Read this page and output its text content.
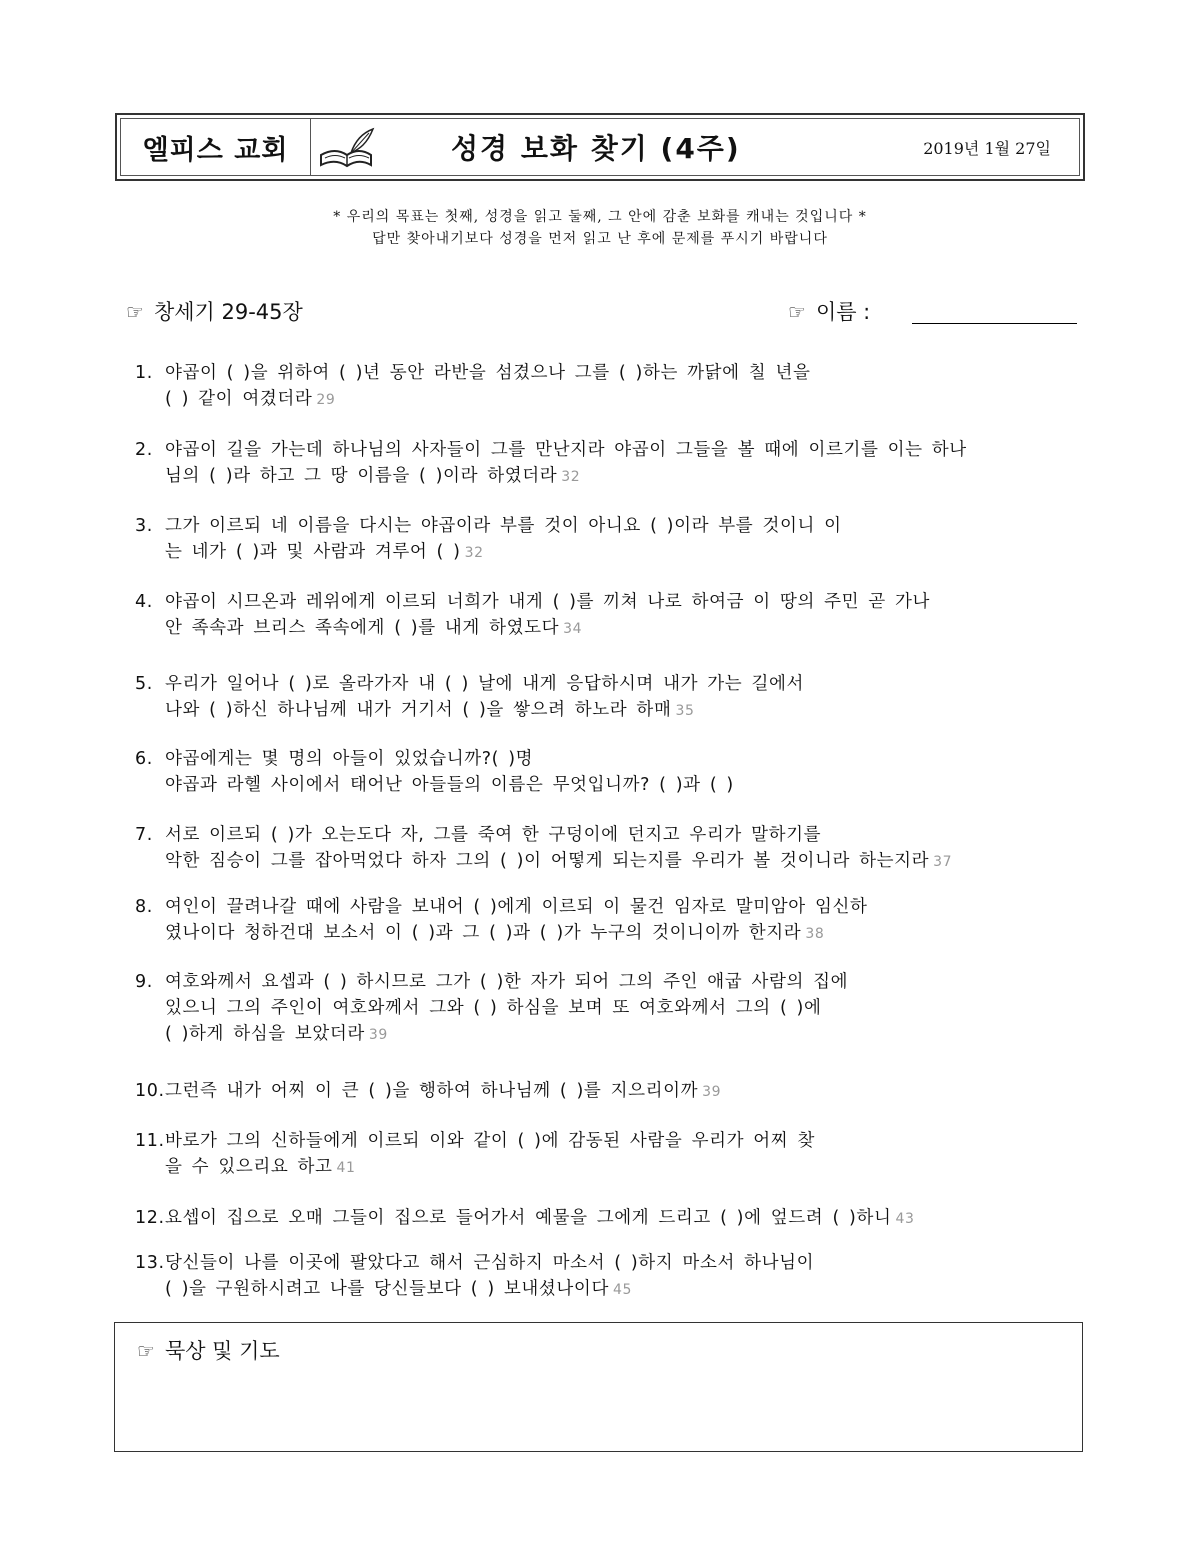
엘피스 교회	성경 보화 찾기 (4주)	2019년 1월 27일
* 우리의 목표는 첫째, 성경을 읽고 둘째, 그 안에 감춘 보화를 캐내는 것입니다 *
답만 찾아내기보다 성경을 먼저 읽고 난 후에 문제를 푸시기 바랍니다
☞ 창세기 29-45장	☞ 이름 :
1. 야곱이 ( )을 위하여 ( )년 동안 라반을 섬겼으나 그를 ( )하는 까닭에 칠 년을
( ) 같이 여겼더라 29
2. 야곱이 길을 가는데 하나님의 사자들이 그를 만난지라 야곱이 그들을 볼 때에 이르기를 이는 하나
님의 ( )라 하고 그 땅 이름을 ( )이라 하였더라 32
3. 그가 이르되 네 이름을 다시는 야곱이라 부를 것이 아니요 ( )이라 부를 것이니 이
는 네가 ( )과 및 사람과 겨루어 ( ) 32
4. 야곱이 시므온과 레위에게 이르되 너희가 내게 ( )를 끼쳐 나로 하여금 이 땅의 주민 곧 가나
안 족속과 브리스 족속에게 ( )를 내게 하였도다 34
5. 우리가 일어나 ( )로 올라가자 내 ( ) 날에 내게 응답하시며 내가 가는 길에서
나와 ( )하신 하나님께 내가 거기서 ( )을 쌓으려 하노라 하매 35
6. 야곱에게는 몇 명의 아들이 있었습니까?( )명
야곱과 라헬 사이에서 태어난 아들들의 이름은 무엇입니까? ( )과 ( )
7. 서로 이르되 ( )가 오는도다 자, 그를 죽여 한 구덩이에 던지고 우리가 말하기를
악한 짐승이 그를 잡아먹었다 하자 그의 ( )이 어떻게 되는지를 우리가 볼 것이니라 하는지라 37
8. 여인이 끌려나갈 때에 사람을 보내어 ( )에게 이르되 이 물건 임자로 말미암아 임신하
였나이다 청하건대 보소서 이 ( )과 그 ( )과 ( )가 누구의 것이니이까 한지라 38
9. 여호와께서 요셉과 ( ) 하시므로 그가 ( )한 자가 되어 그의 주인 애굽 사람의 집에
있으니 그의 주인이 여호와께서 그와 ( ) 하심을 보며 또 여호와께서 그의 ( )에
( )하게 하심을 보았더라 39
10.그런즉 내가 어찌 이 큰 ( )을 행하여 하나님께 ( )를 지으리이까 39
11.바로가 그의 신하들에게 이르되 이와 같이 ( )에 감동된 사람을 우리가 어찌 찾
을 수 있으리요 하고 41
12.요셉이 집으로 오매 그들이 집으로 들어가서 예물을 그에게 드리고 ( )에 엎드려 ( )하니 43
13.당신들이 나를 이곳에 팔았다고 해서 근심하지 마소서 ( )하지 마소서 하나님이
( )을 구원하시려고 나를 당신들보다 ( ) 보내셨나이다 45
☞ 묵상 및 기도
